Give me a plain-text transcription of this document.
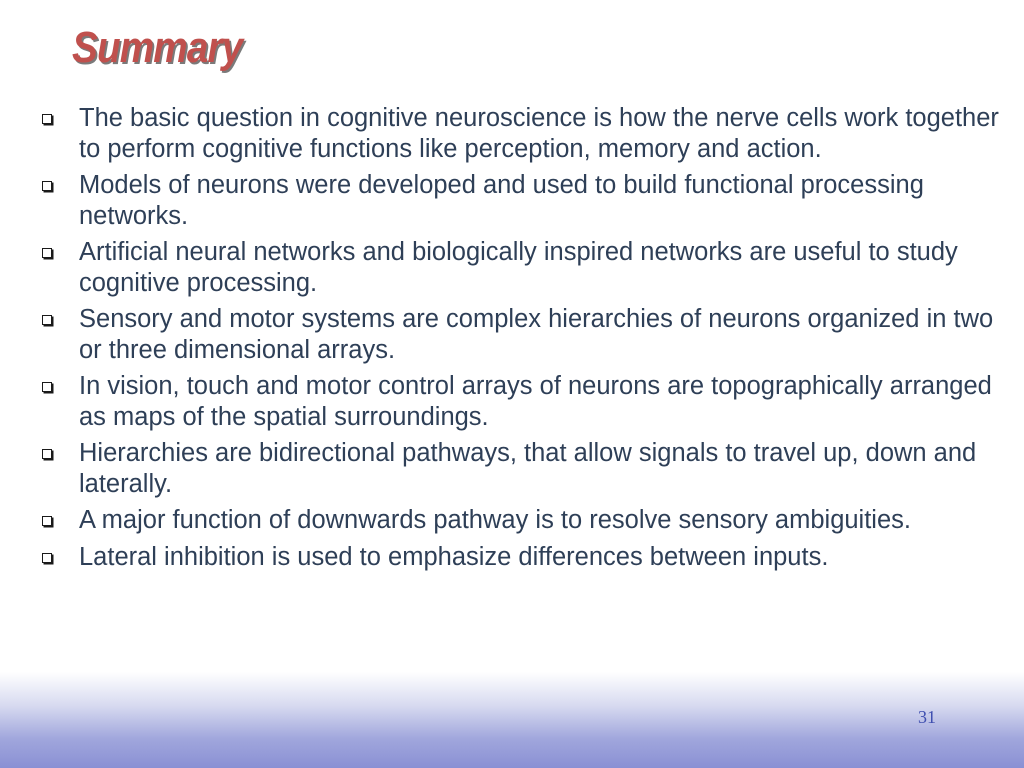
Summary
The basic question in cognitive neuroscience is how the nerve cells work together to perform cognitive functions like perception, memory and action.
Models of neurons were developed and used to build functional processing networks.
Artificial neural networks and biologically inspired networks are useful to study cognitive processing.
Sensory and motor systems are complex hierarchies of neurons organized in two or three dimensional arrays.
In vision, touch and motor control arrays of neurons are topographically arranged as maps of the spatial surroundings.
Hierarchies are bidirectional pathways, that allow signals to travel up, down and laterally.
A major function of downwards pathway is to resolve sensory ambiguities.
Lateral inhibition is used to emphasize differences between inputs.
31
